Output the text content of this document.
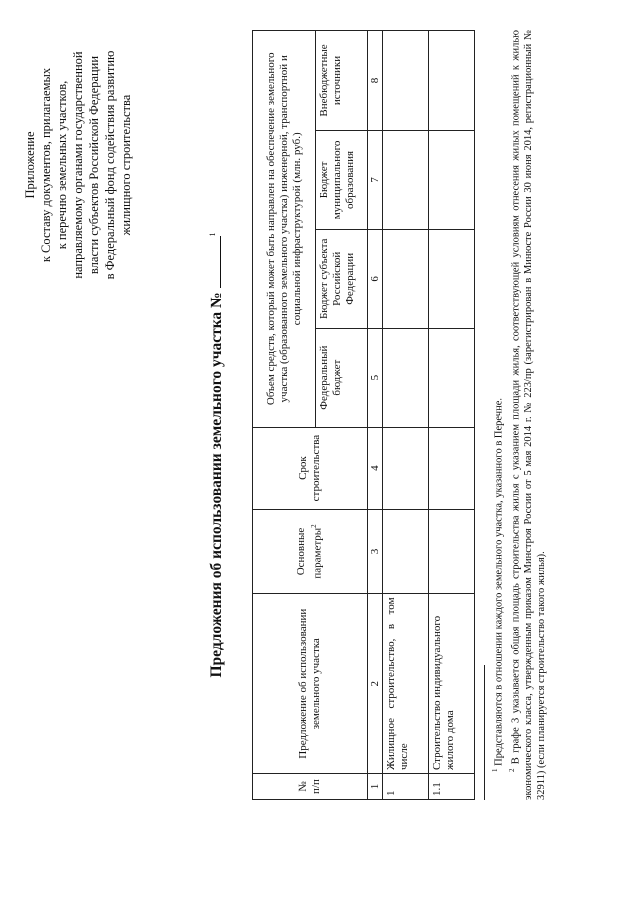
Приложение к Составу документов, прилагаемых к перечню земельных участков, направляемому органами государственной власти субъектов Российской Федерации в Федеральный фонд содействия развитию жилищного строительства
Предложения об использовании земельного участка № $^1$
№ п/п	Предложение об использовании земельного участка	Основные параметры$^2$	Срок строительства	Объем средств, который может быть направлен на обеспечение земельного участка (образованного земельного участка) инженерной, транспортной и социальной инфраструктурой (млн. руб.)			
				Федеральный бюджет	Бюджет субъекта Российской Федерации	Бюджет муниципального образования	Внебюджетные источники
1	2	3	4	5	6	7	8
1	Жилищное строительство, в том числе						
1.1	Строительство индивидуального жилого дома						

$^1$ Представляются в отношении каждого земельного участка, указанного в Перечне.

$^2$ В графе 3 указывается общая площадь строительства жилья с указанием площади жилья, соответствующей условиям отнесения жилых помещений к жилью экономического класса, утвержденным приказом Минстроя России от 5 мая 2014 г. № 223/пр (зарегистрирован в Минюсте России 30 июня 2014, регистрационный № 32911) (если планируется строительство такого жилья).
